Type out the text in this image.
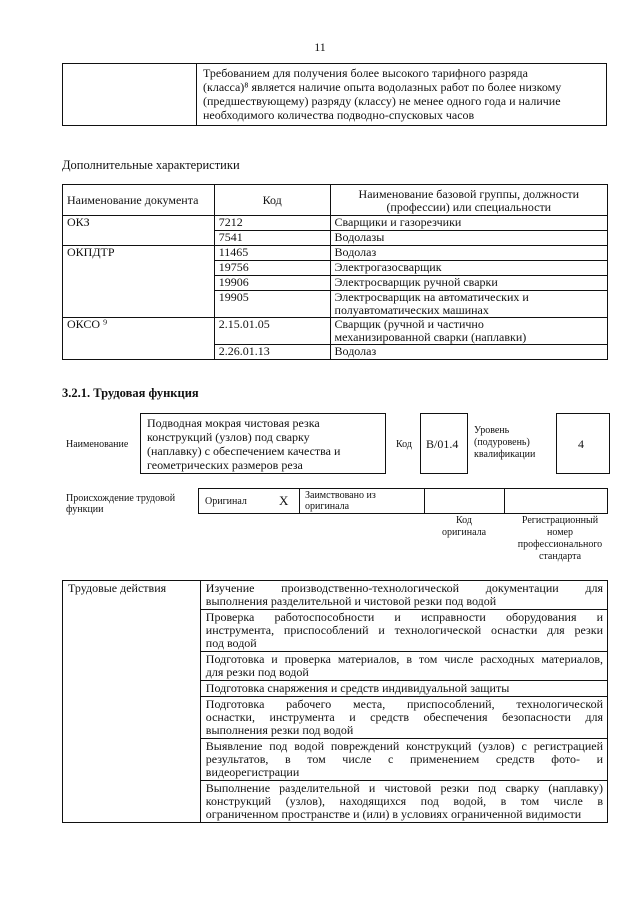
11
Требованием для получения более высокого тарифного разряда
(класса)⁸ является наличие опыта водолазных работ по более низкому
(предшествующему) разряду (классу) не менее одного года и наличие
необходимого количества подводно-спусковых часов
Дополнительные характеристики
Наименование документа	Код	Наименование базовой группы, должности
(профессии) или специальности

ОКЗ	7212	Сварщики и газорезчики
	7541	Водолазы
ОКПДТР	11465	Водолаз
	19756	Электрогазосварщик
	19906	Электросварщик ручной сварки
	19905	Электросварщик на автоматических и
полуавтоматических машинах

ОКСО ⁹	2.15.01.05	Сварщик (ручной и частично
механизированной сварки (наплавки)

	2.26.01.13	Водолаз
3.2.1. Трудовая функция
Наименование
Подводная мокрая чистовая резка
конструкций (узлов) под сварку
(наплавку) с обеспечением качества и
геометрических размеров реза
Код В/01.4
Уровень
(подуровень)
квалификации
4
Происхождение трудовой
функции
Оригинал X Заимствовано из
оригинала
Код
оригинала
Регистрационный
номер
профессионального
стандарта
Трудовые действия	Изучение производственно-технологической документации для
выполнения разделительной и чистовой резки под водой

Проверка работоспособности и исправности оборудования и
инструмента, приспособлений и технологической оснастки для резки
под водой

Подготовка и проверка материалов, в том числе расходных материалов,
для резки под водой

Подготовка снаряжения и средств индивидуальной защиты

Подготовка рабочего места, приспособлений, технологической
оснастки, инструмента и средств обеспечения безопасности для
выполнения резки под водой

Выявление под водой повреждений конструкций (узлов) с регистрацией
результатов, в том числе с применением средств фото- и
видеорегистрации

Выполнение разделительной и чистовой резки под сварку (наплавку)
конструкций (узлов), находящихся под водой, в том числе в
ограниченном пространстве и (или) в условиях ограниченной видимости
